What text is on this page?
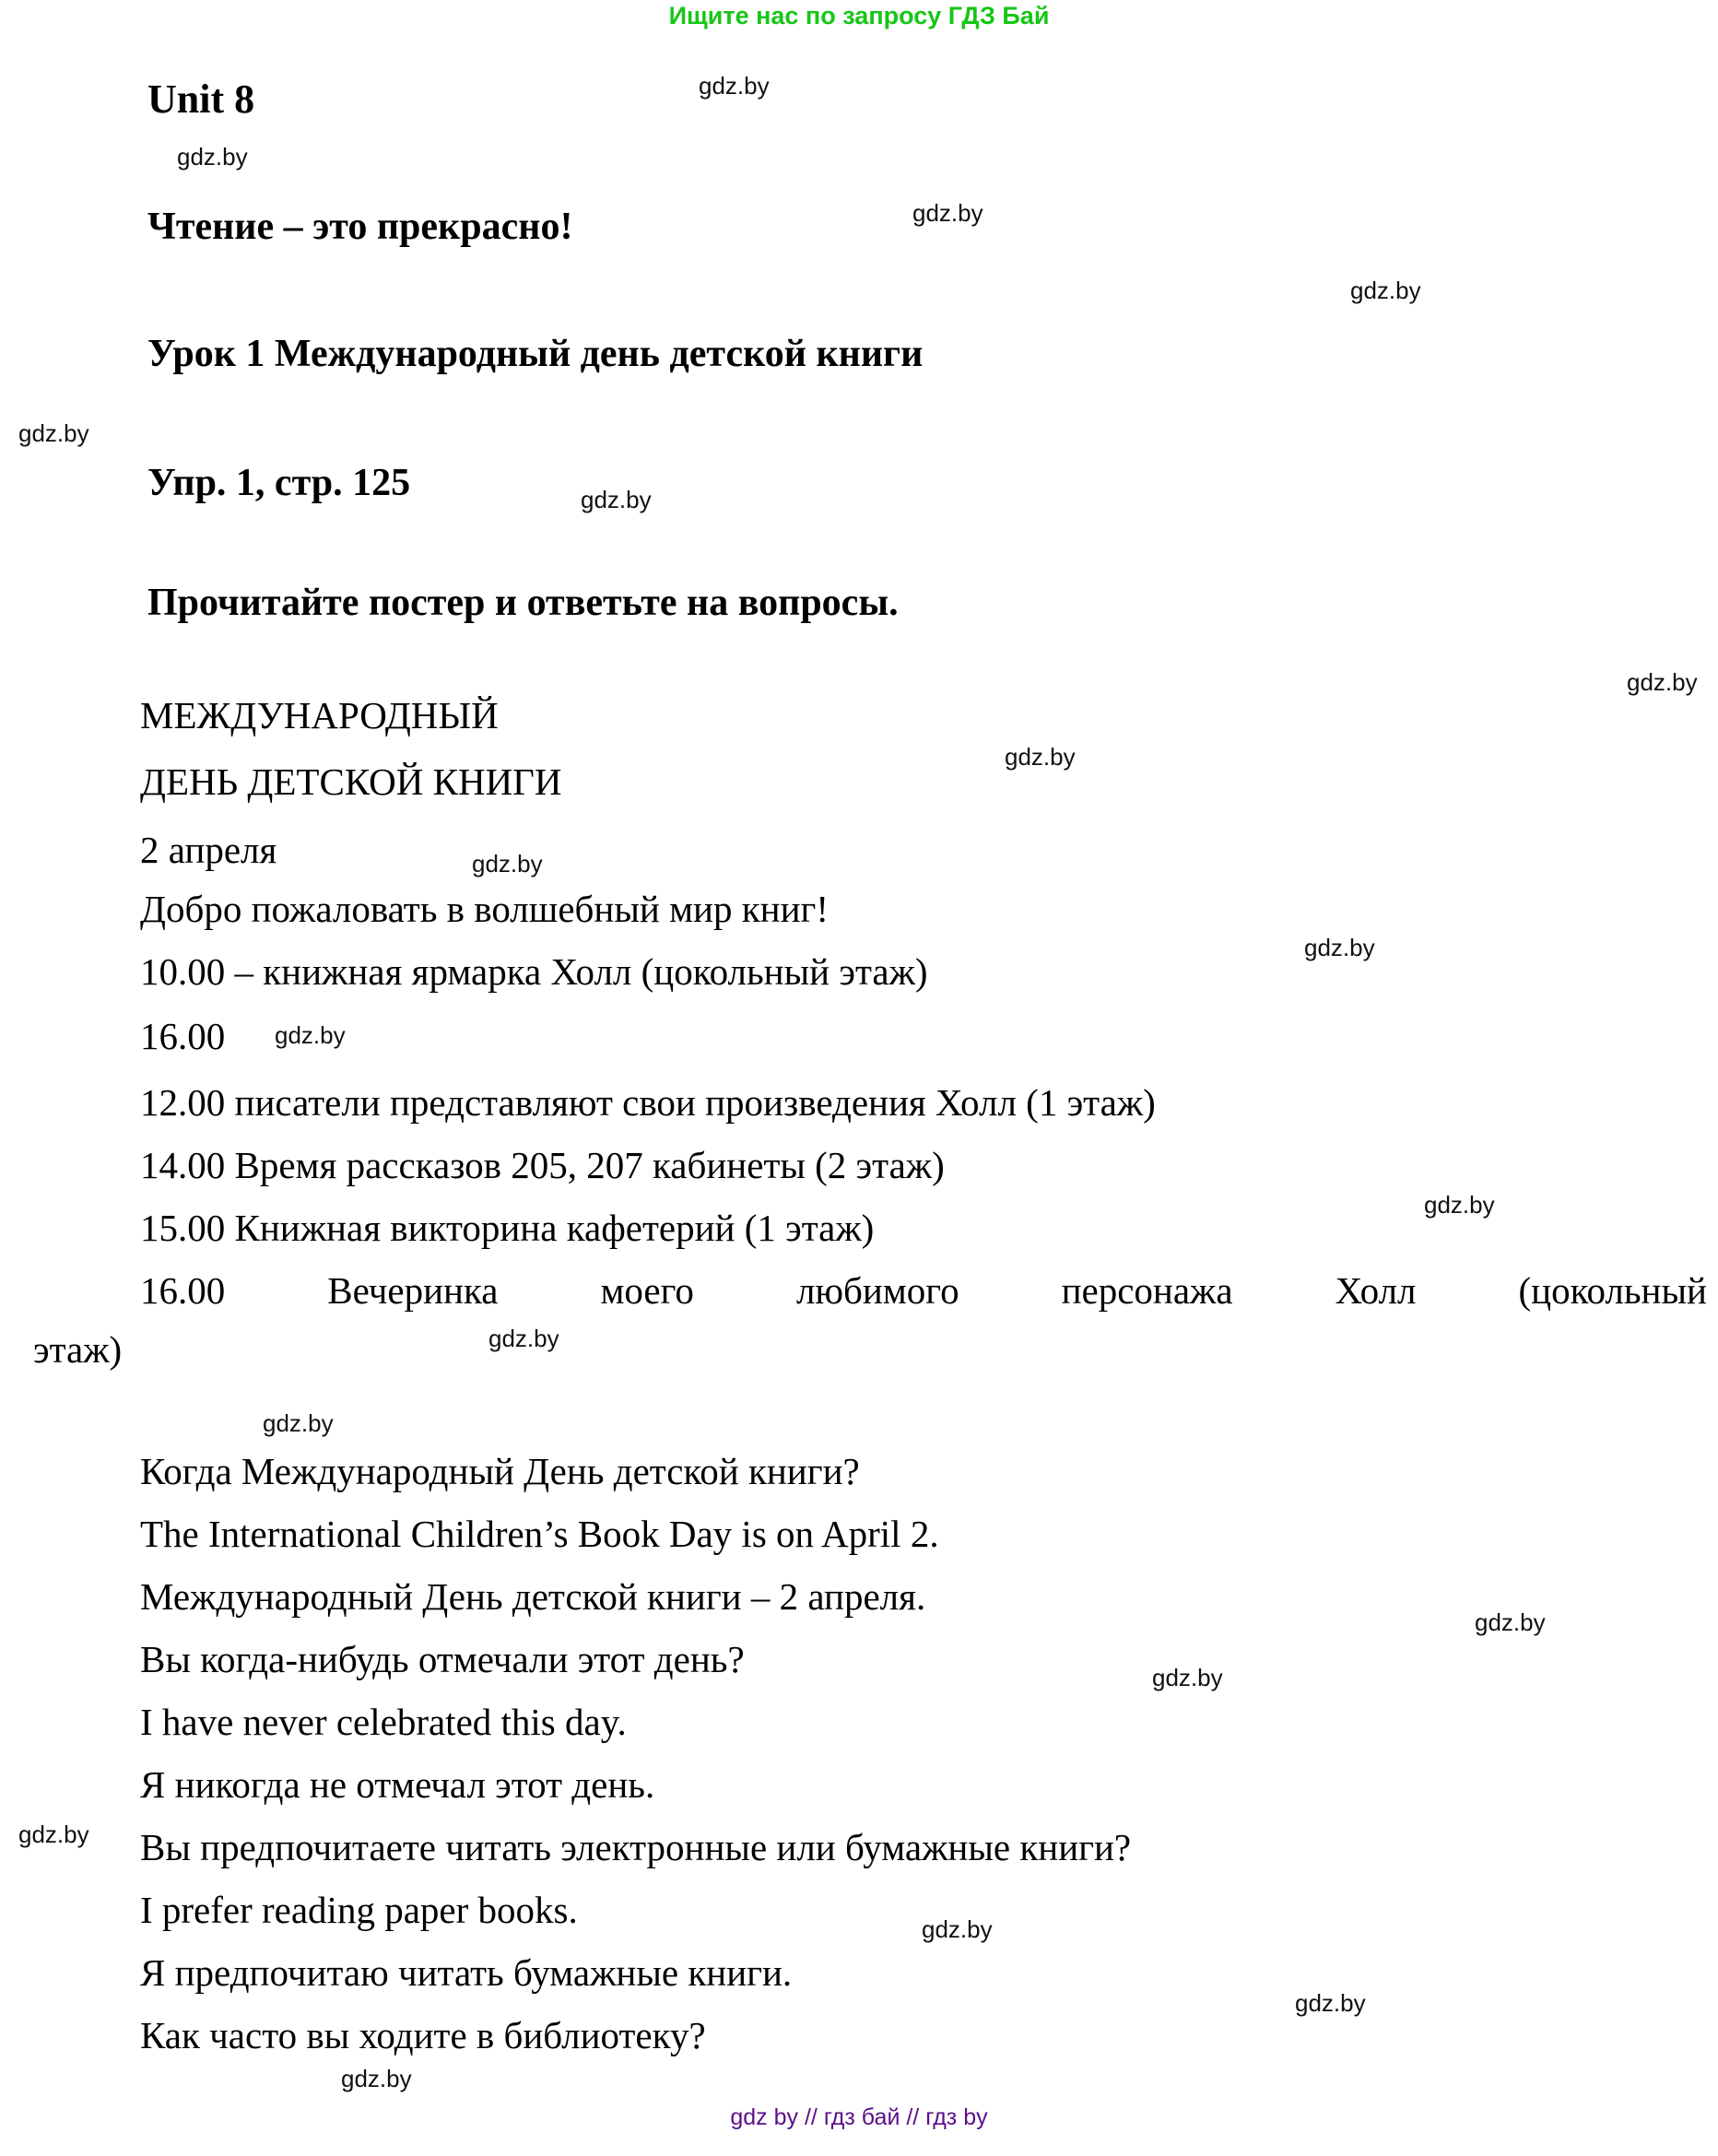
Ищите нас по запросу ГДЗ Бай
Unit 8
Чтение – это прекрасно!
Урок 1 Международный день детской книги
Упр. 1, стр. 125
Прочитайте постер и ответьте на вопросы.
МЕЖДУНАРОДНЫЙ
ДЕНЬ ДЕТСКОЙ КНИГИ
2 апреля
Добро пожаловать в волшебный мир книг!
10.00 – книжная ярмарка Холл (цокольный этаж)
16.00
12.00 писатели представляют свои произведения Холл (1 этаж)
14.00 Время рассказов 205, 207 кабинеты (2 этаж)
15.00 Книжная викторина кафетерий (1 этаж)
16.00 Вечеринка моего любимого персонажа Холл (цокольный
этаж)
Когда Международный День детской книги?
The International Children’s Book Day is on April 2.
Международный День детской книги – 2 апреля.
Вы когда-нибудь отмечали этот день?
I have never celebrated this day.
Я никогда не отмечал этот день.
Вы предпочитаете читать электронные или бумажные книги?
I prefer reading paper books.
Я предпочитаю читать бумажные книги.
Как часто вы ходите в библиотеку?
gdz.by
gdz.by
gdz.by
gdz.by
gdz.by
gdz.by
gdz.by
gdz.by
gdz.by
gdz.by
gdz.by
gdz.by
gdz.by
gdz.by
gdz.by
gdz.by
gdz.by
gdz.by
gdz.by
gdz.by
gdz by // гдз бай // гдз by
